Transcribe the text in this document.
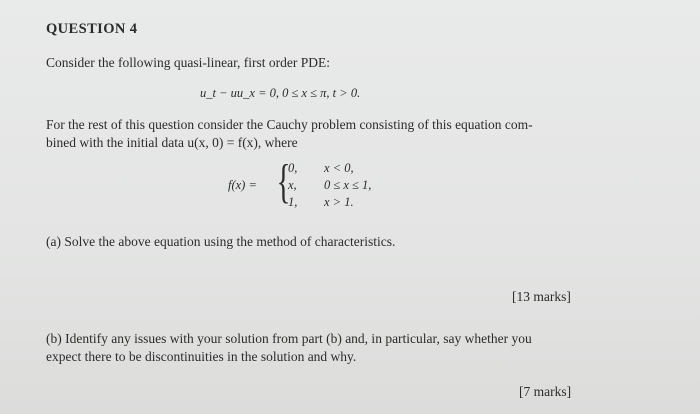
QUESTION 4
Consider the following quasi-linear, first order PDE:
u_t − uu_x = 0, 0 ≤ x ≤ π, t > 0.
For the rest of this question consider the Cauchy problem consisting of this equation com-
bined with the initial data u(x, 0) = f(x), where
f(x) = {
0,
x,
1,
x < 0,
0 ≤ x ≤ 1,
x > 1.
(a) Solve the above equation using the method of characteristics.
[13 marks]
(b) Identify any issues with your solution from part (b) and, in particular, say whether you
expect there to be discontinuities in the solution and why.
[7 marks]
